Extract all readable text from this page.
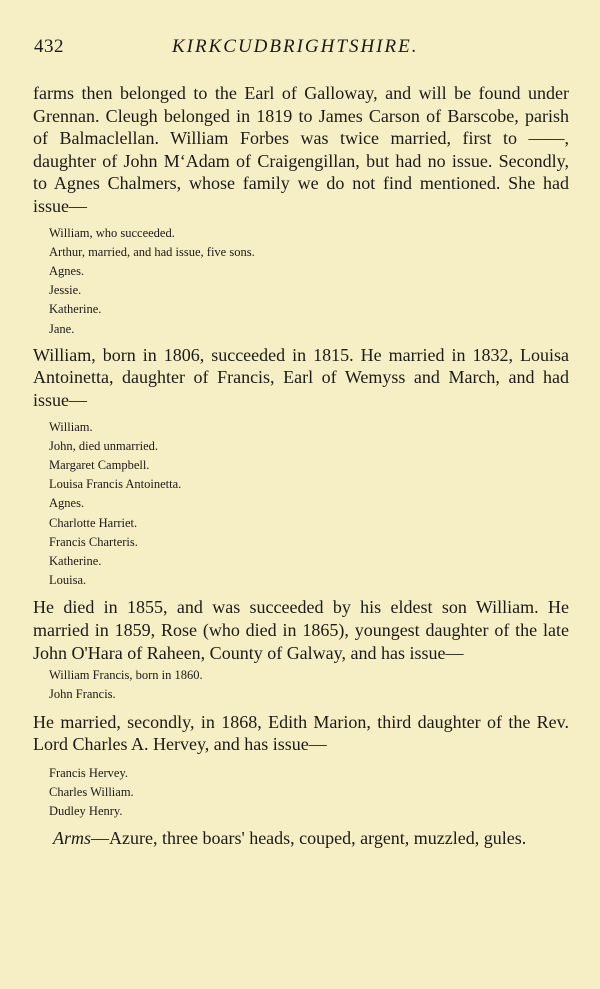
432	KIRKCUDBRIGHTSHIRE.

farms then belonged to the Earl of Galloway, and will be found under Grennan. Cleugh belonged in 1819 to James Carson of Barscobe, parish of Balmaclellan. William Forbes was twice married, first to ——, daughter of John M‘Adam of Craigengillan, but had no issue. Secondly, to Agnes Chalmers, whose family we do not find mentioned. She had issue—

William, who succeeded.
Arthur, married, and had issue, five sons.
Agnes.
Jessie.
Katherine.
Jane.

William, born in 1806, succeeded in 1815. He married in 1832, Louisa Antoinetta, daughter of Francis, Earl of Wemyss and March, and had issue—

William.
John, died unmarried.
Margaret Campbell.
Louisa Francis Antoinetta.
Agnes.
Charlotte Harriet.
Francis Charteris.
Katherine.
Louisa.

He died in 1855, and was succeeded by his eldest son William. He married in 1859, Rose (who died in 1865), youngest daughter of the late John O'Hara of Raheen, County of Galway, and has issue—

William Francis, born in 1860.
John Francis.

He married, secondly, in 1868, Edith Marion, third daughter of the Rev. Lord Charles A. Hervey, and has issue—

Francis Hervey.
Charles William.
Dudley Henry.

Arms—Azure, three boars' heads, couped, argent, muzzled, gules.
